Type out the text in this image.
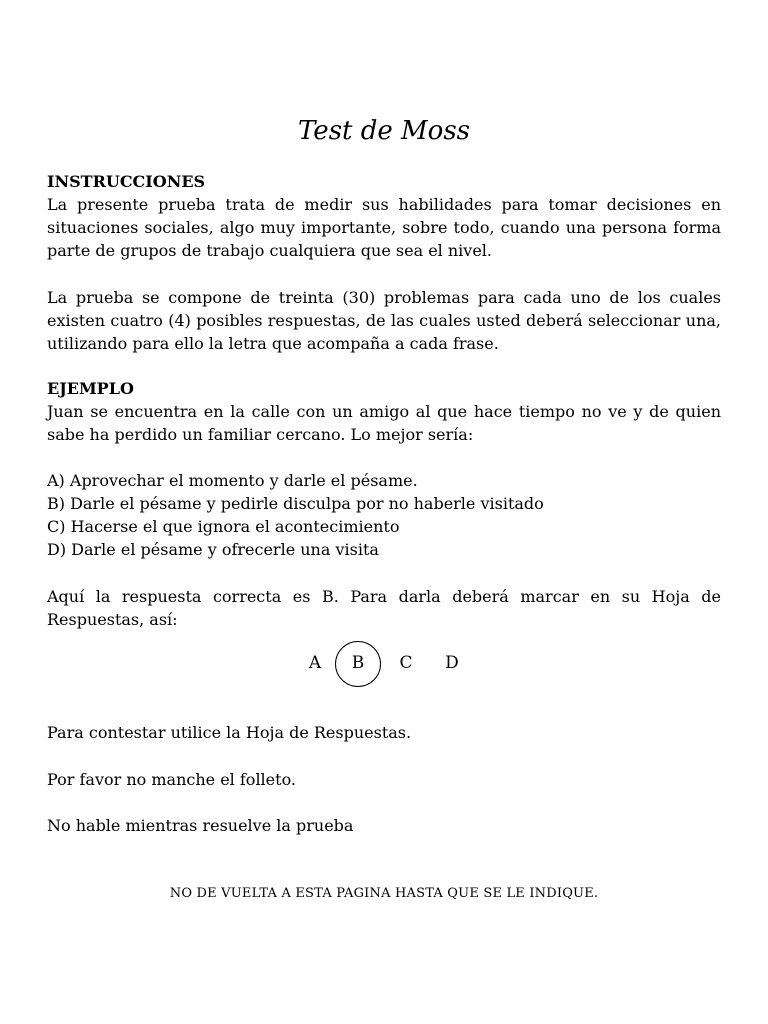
Test de Moss
INSTRUCCIONES
La presente prueba trata de medir sus habilidades para tomar decisiones en situaciones sociales, algo muy importante, sobre todo, cuando una persona forma parte de grupos de trabajo cualquiera que sea el nivel.
La prueba se compone de treinta (30) problemas para cada uno de los cuales existen cuatro (4) posibles respuestas, de las cuales usted deberá seleccionar una, utilizando para ello la letra que acompaña a cada frase.
EJEMPLO
Juan se encuentra en la calle con un amigo al que hace tiempo no ve y de quien sabe ha perdido un familiar cercano. Lo mejor sería:
A) Aprovechar el momento y darle el pésame.
B) Darle el pésame y pedirle disculpa por no haberle visitado
C) Hacerse el que ignora el acontecimiento
D) Darle el pésame y ofrecerle una visita
Aquí la respuesta correcta es B. Para darla deberá marcar en su Hoja de Respuestas, así:
A B C D
Para contestar utilice la Hoja de Respuestas.
Por favor no manche el folleto.
No hable mientras resuelve la prueba
NO DE VUELTA A ESTA PAGINA HASTA QUE SE LE INDIQUE.
